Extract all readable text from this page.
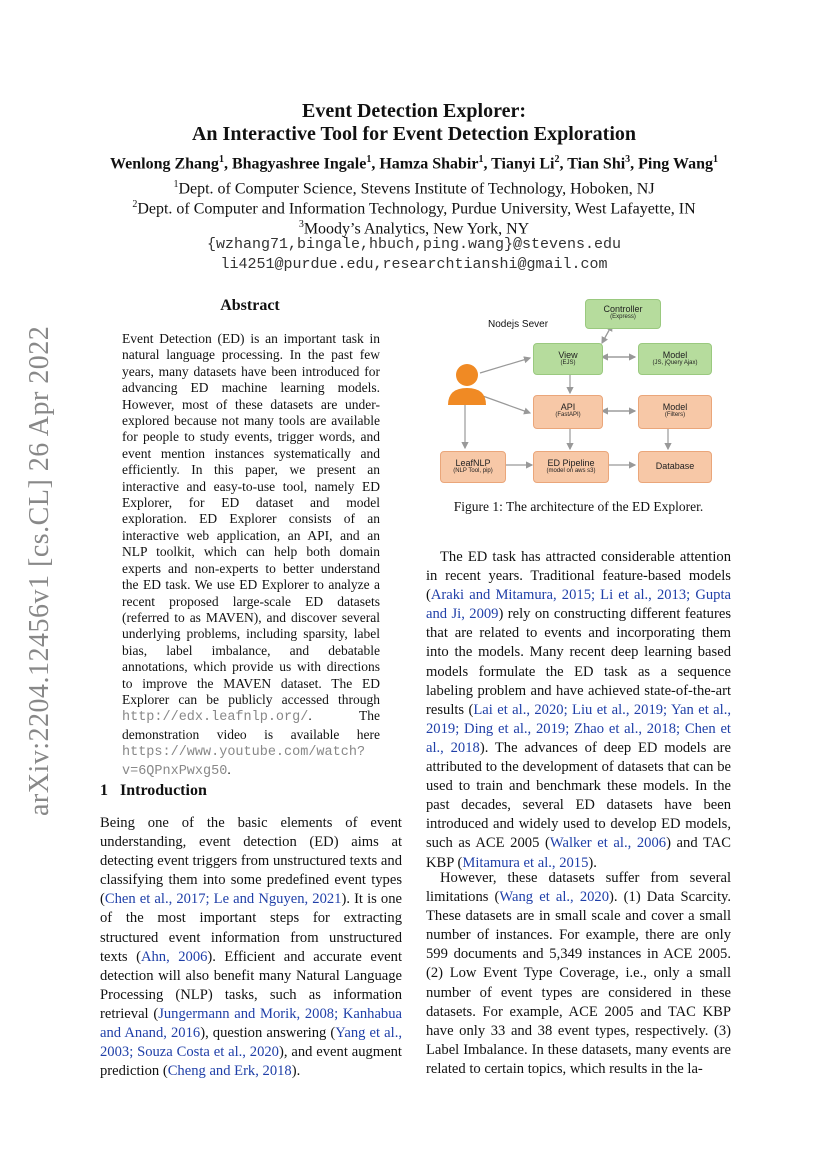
arXiv:2204.12456v1 [cs.CL] 26 Apr 2022
Event Detection Explorer:
An Interactive Tool for Event Detection Exploration
Wenlong Zhang$^1$, Bhagyashree Ingale$^1$, Hamza Shabir$^1$, Tianyi Li$^2$, Tian Shi$^3$, Ping Wang$^1$
$^1$Dept. of Computer Science, Stevens Institute of Technology, Hoboken, NJ
$^2$Dept. of Computer and Information Technology, Purdue University, West Lafayette, IN
$^3$Moody’s Analytics, New York, NY
{wzhang71,bingale,hbuch,ping.wang}@stevens.edu
li4251@purdue.edu,researchtianshi@gmail.com
Abstract
Event Detection (ED) is an important task in natural language processing. In the past few years, many datasets have been introduced for advancing ED machine learning models. However, most of these datasets are under-explored because not many tools are available for people to study events, trigger words, and event mention instances systematically and efficiently. In this paper, we present an interactive and easy-to-use tool, namely ED Explorer, for ED dataset and model exploration. ED Explorer consists of an interactive web application, an API, and an NLP toolkit, which can help both domain experts and non-experts to better understand the ED task. We use ED Explorer to analyze a recent proposed large-scale ED datasets (referred to as MAVEN), and discover several underlying problems, including sparsity, label bias, label imbalance, and debatable annotations, which provide us with directions to improve the MAVEN dataset. The ED Explorer can be publicly accessed through http://edx.leafnlp.org/. The demonstration video is available here https://www.youtube.com/watch?v=6QPnxPwxg50.
1 Introduction
Being one of the basic elements of event understanding, event detection (ED) aims at detecting event triggers from unstructured texts and classifying them into some predefined event types (Chen et al., 2017; Le and Nguyen, 2021). It is one of the most important steps for extracting structured event information from unstructured texts (Ahn, 2006). Efficient and accurate event detection will also benefit many Natural Language Processing (NLP) tasks, such as information retrieval (Jungermann and Morik, 2008; Kanhabua and Anand, 2016), question answering (Yang et al., 2003; Souza Costa et al., 2020), and event augment prediction (Cheng and Erk, 2018).
Nodejs Sever
Controller
(Express)
View
(EJS)
Model
(JS, jQuery Ajax)
API
(FastAPI)
Model
(Filters)
LeafNLP
(NLP Tool, pip)
ED Pipeline
(model on aws s3)	Database
Figure 1: The architecture of the ED Explorer.
The ED task has attracted considerable attention in recent years. Traditional feature-based models (Araki and Mitamura, 2015; Li et al., 2013; Gupta and Ji, 2009) rely on constructing different features that are related to events and incorporating them into the models. Many recent deep learning based models formulate the ED task as a sequence labeling problem and have achieved state-of-the-art results (Lai et al., 2020; Liu et al., 2019; Yan et al., 2019; Ding et al., 2019; Zhao et al., 2018; Chen et al., 2018). The advances of deep ED models are attributed to the development of datasets that can be used to train and benchmark these models. In the past decades, several ED datasets have been introduced and widely used to develop ED models, such as ACE 2005 (Walker et al., 2006) and TAC KBP (Mitamura et al., 2015).
However, these datasets suffer from several limitations (Wang et al., 2020). (1) Data Scarcity. These datasets are in small scale and cover a small number of instances. For example, there are only 599 documents and 5,349 instances in ACE 2005. (2) Low Event Type Coverage, i.e., only a small number of event types are considered in these datasets. For example, ACE 2005 and TAC KBP have only 33 and 38 event types, respectively. (3) Label Imbalance. In these datasets, many events are related to certain topics, which results in the la-
